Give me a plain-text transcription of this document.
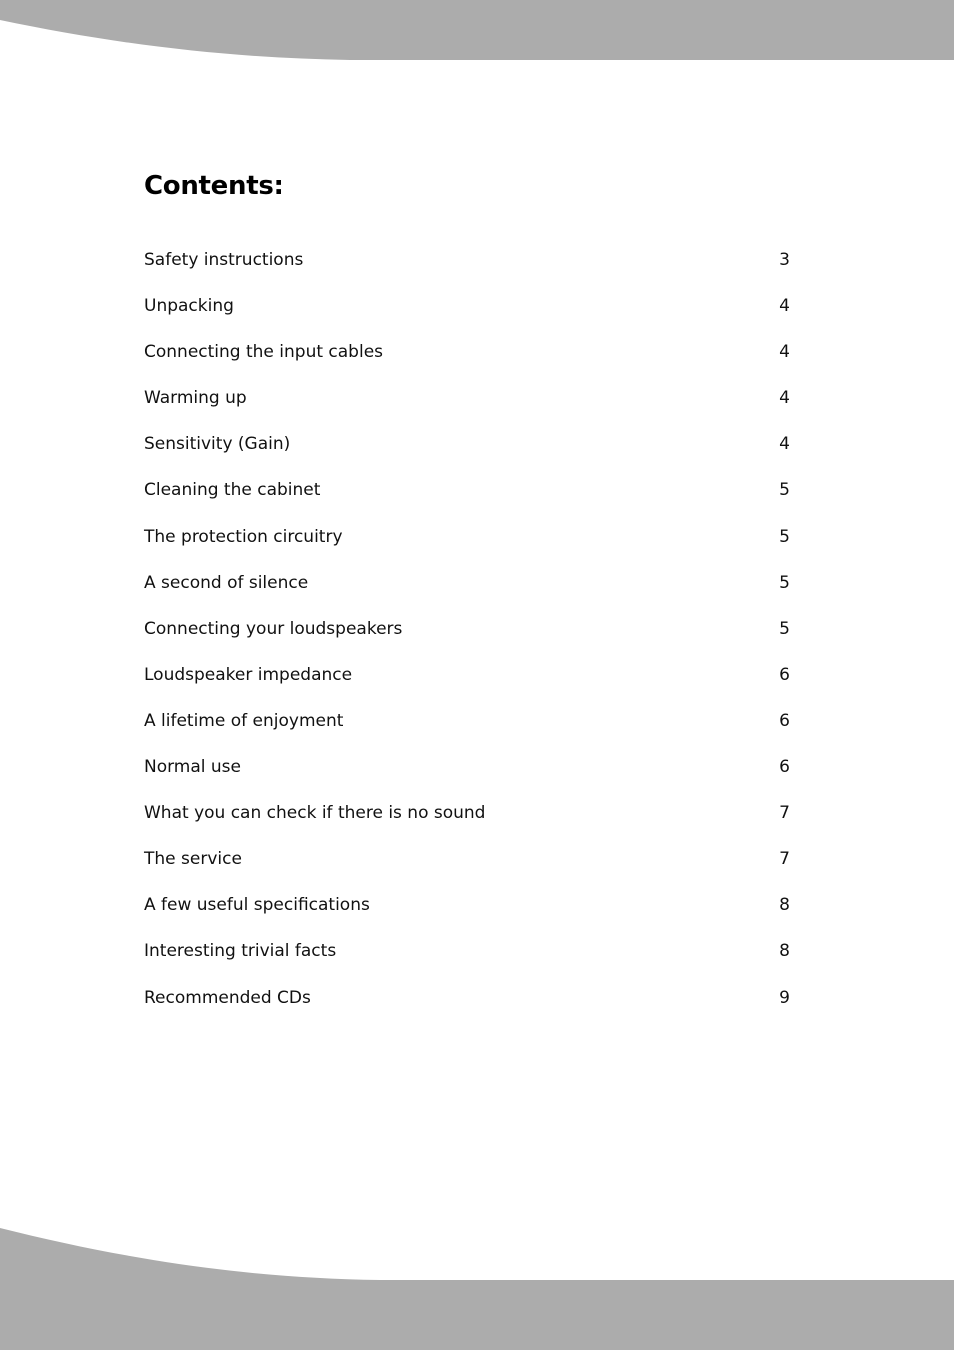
Contents:
Safety instructions	3
Unpacking	4
Connecting the input cables	4
Warming up	4
Sensitivity (Gain)	4
Cleaning the cabinet	5
The protection circuitry	5
A second of silence	5
Connecting your loudspeakers	5
Loudspeaker impedance	6
A lifetime of enjoyment	6
Normal use	6
What you can check if there is no sound	7
The service	7
A few useful specifications	8
Interesting trivial facts	8
Recommended CDs	9
